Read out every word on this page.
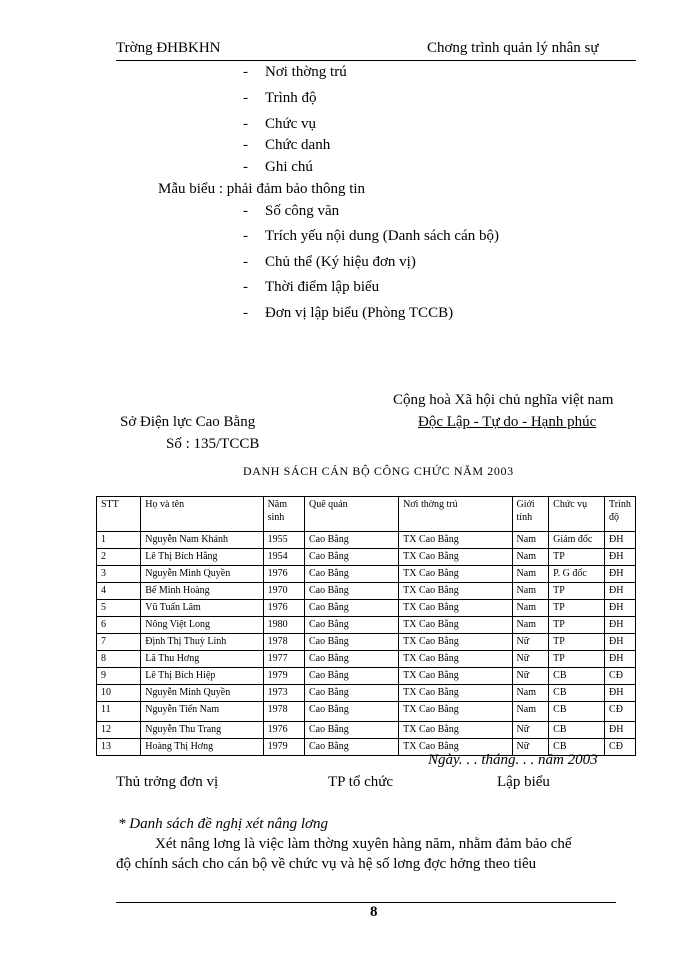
Trờng ĐHBKHN	Chơng trình quản lý nhân sự
- Nơi thờng trú
- Trình độ
- Chức vụ
- Chức danh
- Ghi chú
Mẫu biểu : phải đảm bảo thông tin
- Số công văn
- Trích yếu nội dung (Danh sách cán bộ)
- Chủ thể (Ký hiệu đơn vị)
- Thời điểm lập biểu
- Đơn vị lập biểu (Phòng TCCB)
Cộng hoà Xã hội chủ nghĩa việt nam
Sở Điện lực Cao Bằng	Độc Lập - Tự do - Hạnh phúc
Số : 135/TCCB
DANH SÁCH CÁN BỘ CÔNG CHỨC NĂM 2003
STT	Họ và tên	Năm sinh	Quê quán	Nơi thờng trú	Giới tính	Chức vụ	Trình độ
1	Nguyễn Nam Khánh	1955	Cao Bằng	TX Cao Bằng	Nam	Giám đốc	ĐH
2	Lê Thị Bích Hằng	1954	Cao Bằng	TX Cao Bằng	Nam	TP	ĐH
3	Nguyễn Minh Quyền	1976	Cao Bằng	TX Cao Bằng	Nam	P. G đốc	ĐH
4	Bế Minh Hoàng	1970	Cao Bằng	TX Cao Bằng	Nam	TP	ĐH
5	Vũ Tuấn Lâm	1976	Cao Bằng	TX Cao Bằng	Nam	TP	ĐH
6	Nông Việt Long	1980	Cao Bằng	TX Cao Bằng	Nam	TP	ĐH
7	Định Thị Thuỳ Linh	1978	Cao Bằng	TX Cao Bằng	Nữ	TP	ĐH
8	Lã Thu Hơng	1977	Cao Bằng	TX Cao Bằng	Nữ	TP	ĐH
9	Lê Thị Bích Hiệp	1979	Cao Bằng	TX Cao Bằng	Nữ	CB	CĐ
10	Nguyễn Minh Quyền	1973	Cao Bằng	TX Cao Bằng	Nam	CB	ĐH
11	Nguyễn Tiến Nam	1978	Cao Bằng	TX Cao Bằng	Nam	CB	CĐ
12	Nguyễn Thu Trang	1976	Cao Bằng	TX Cao Bằng	Nữ	CB	ĐH
13	Hoàng Thị Hơng	1979	Cao Bằng	TX Cao Bằng	Nữ	CB	CĐ
Ngày. . . tháng. . . năm 2003
Thủ trởng đơn vị	TP tổ chức	Lập biểu
* Danh sách đề nghị xét nâng lơng
Xét nâng lơng là việc làm thờng xuyên hàng năm, nhằm đảm bảo chế
độ chính sách cho cán bộ về chức vụ và hệ số lơng đợc hởng theo tiêu
8
